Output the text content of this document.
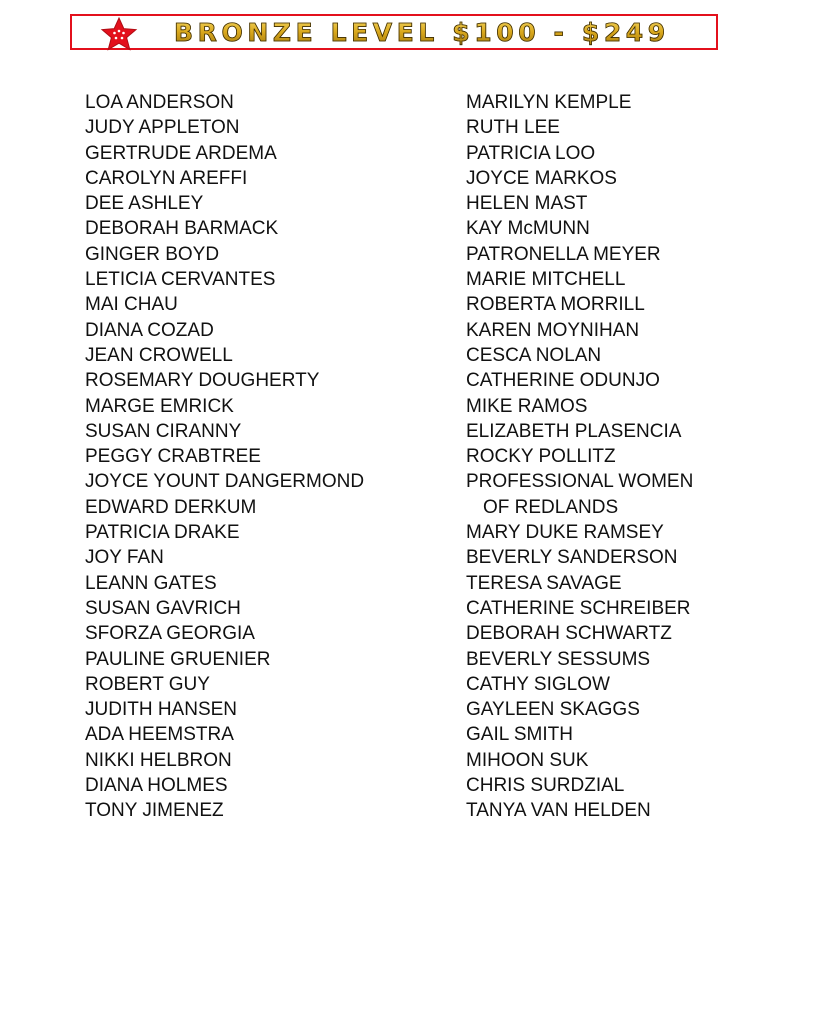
BRONZE LEVEL $100 - $249
LOA ANDERSON
JUDY APPLETON
GERTRUDE ARDEMA
CAROLYN AREFFI
DEE ASHLEY
DEBORAH BARMACK
GINGER BOYD
LETICIA CERVANTES
MAI CHAU
DIANA COZAD
JEAN CROWELL
ROSEMARY DOUGHERTY
MARGE EMRICK
SUSAN CIRANNY
PEGGY CRABTREE
JOYCE YOUNT DANGERMOND
EDWARD DERKUM
PATRICIA DRAKE
JOY FAN
LEANN GATES
SUSAN GAVRICH
SFORZA GEORGIA
PAULINE GRUENIER
ROBERT GUY
JUDITH HANSEN
ADA HEEMSTRA
NIKKI HELBRON
DIANA HOLMES
TONY JIMENEZ
MARILYN KEMPLE
RUTH LEE
PATRICIA LOO
JOYCE MARKOS
HELEN MAST
KAY McMUNN
PATRONELLA MEYER
MARIE MITCHELL
ROBERTA MORRILL
KAREN MOYNIHAN
CESCA NOLAN
CATHERINE ODUNJO
MIKE RAMOS
ELIZABETH PLASENCIA
ROCKY POLLITZ
PROFESSIONAL WOMEN
OF REDLANDS
MARY DUKE RAMSEY
BEVERLY SANDERSON
TERESA SAVAGE
CATHERINE SCHREIBER
DEBORAH SCHWARTZ
BEVERLY SESSUMS
CATHY SIGLOW
GAYLEEN SKAGGS
GAIL SMITH
MIHOON SUK
CHRIS SURDZIAL
TANYA VAN HELDEN
